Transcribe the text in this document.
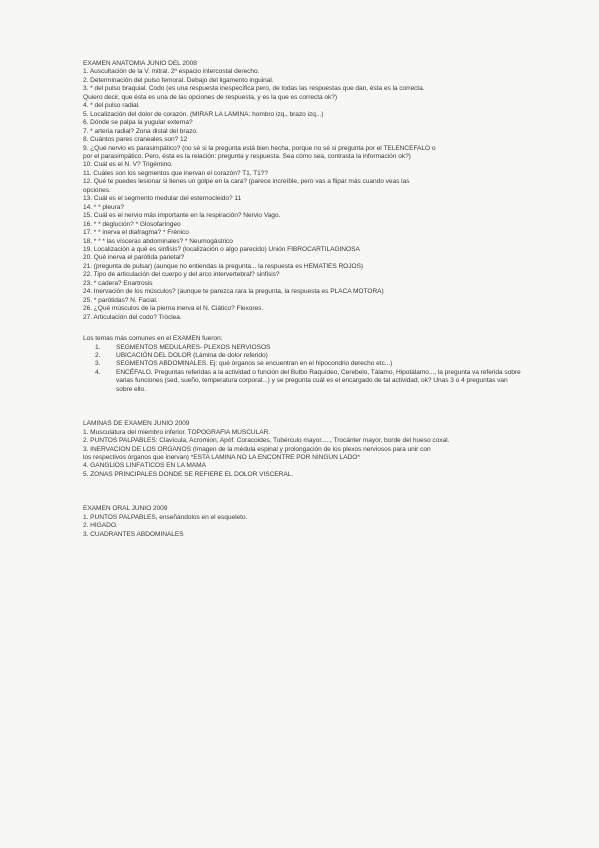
EXAMEN ANATOMIA JUNIO DEL 2008
1. Auscultación de la V. mitral. 2º espacio intercostal derecho.
2. Determinación del pulso femoral. Debajo del ligamento inguinal.
3. * del pulso braquial. Codo (es una respuesta inespecífica pero, de todas las respuestas que dan, ésta es la correcta.
Quiero decir, que ésta es una de las opciones de respuesta, y es la que es correcta ok?)
4. * del pulso radial.
5. Localización del dolor de corazón. (MIRAR LA LÁMINA: hombro izq., brazo izq...)
6. Dónde se palpa la yugular externa?
7. * arteria radial? Zona distal del brazo.
8. Cuántos pares craneales son? 12
9. ¿Qué nervio es parasimpático? (no sé si la pregunta está bien hecha, porque no sé si pregunta por el TELENCÉFALO o
por el parasimpático. Pero, ésta es la relación: pregunta y respuesta. Sea cómo sea, contrasta la información ok?)
10. Cuál es el N. V? Trigémino.
11. Cuáles son los segmentos que inervan el corazón? T1, T1??
12. Qué te puedes lesionar si tienes un golpe en la cara? (parece increíble, pero vas a flipar más cuando veas las
opciones.
13. Cuál es el segmento medular del esternocleido? 11
14. * * pleura?
15. Cuál es el nervio más importante en la respiración? Nervio Vago.
16. * * deglución? * Glosofaríngeo
17. * * inerva el diafragma? * Frénico
18. * * * las vísceras abdominales? * Neumogástrico
19. Localización a qué es sinfisis? (localización o algo parecido) Unión FIBROCARTILAGINOSA
20. Qué inerva el parótida parietal?
21. (pregunta de pulsar) (aunque no entiendas la pregunta... la respuesta es HEMATÍES ROJOS)
22. Tipo de articulación del cuerpo y del arco intervertebral? sinfisis?
23. * cadera? Enartrosis
24. Inervación de los músculos? (aunque te parezca rara la pregunta, la respuesta es PLACA MOTORA)
25. * parótidas? N. Facial.
26. ¿Qué músculos de la pierna inerva el N. Ciático? Flexores.
27. Articulación del codo? Tróclea.
Los temas más comunes en el EXAMEN fueron:
1.	SEGMENTOS MEDULARES- PLEXOS NERVIOSOS
2.	UBICACIÓN DEL DOLOR (Lámina de dolor referido)
3.	SEGMENTOS ABDOMINALES. Ej: qué órganos se encuentran en el hipocondrio derecho etc...)
4.	ENCÉFALO. Preguntas referidas a la actividad o función del Bulbo Raquídeo, Cerebelo, Tálamo, Hipotálamo..., la pregunta va referida sobre varias funciones (sed, sueño, temperatura corporal...) y se pregunta cuál es el encargado de tal actividad, ok? Unas 3 o 4 preguntas van sobre ello.
LÁMINAS DE EXAMEN JUNIO 2009
1. Musculatura del miembro inferior. TOPOGRAFÍA MUSCULAR.
2. PUNTOS PALPABLES: Clavícula, Acromion, Apóf. Coracoides, Tubérculo mayor....., Trocánter mayor, borde del hueso coxal.
3. INERVACIÓN DE LOS ÓRGANOS (Imagen de la médula espinal y prolongación de los plexos nerviosos para unir con
los respectivos órganos que inervan) *ESTA LÁMINA NO LA ENCONTRÉ POR NINGÚN LADO*
4. GANGLIOS LINFÁTICOS EN LA MAMA
5. ZONAS PRINCIPALES DÓNDE SE REFIERE EL DOLOR VISCERAL.
EXAMEN ORAL JUNIO 2009
1. PUNTOS PALPABLES, enseñándolos en el esqueleto.
2. HÍGADO.
3. CUADRANTES ABDOMINALES
